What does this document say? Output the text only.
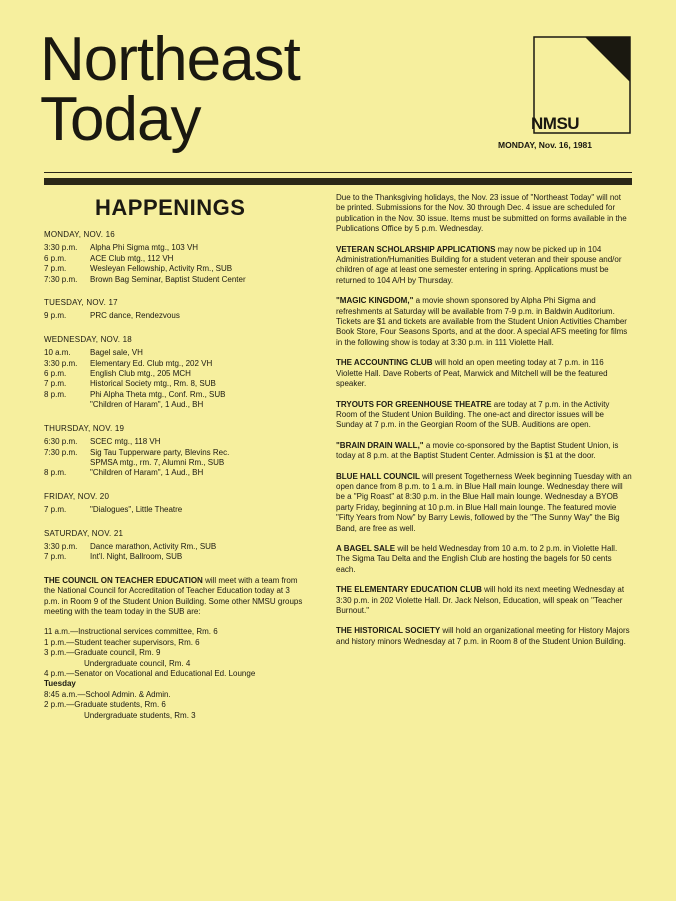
Northeast
Today	NMSU
MONDAY, Nov. 16, 1981
HAPPENINGS
MONDAY, NOV. 16
3:30 p.m.	Alpha Phi Sigma mtg., 103 VH
6 p.m.	ACE Club mtg., 112 VH
7 p.m.	Wesleyan Fellowship, Activity Rm., SUB
7:30 p.m.	Brown Bag Seminar, Baptist Student Center
TUESDAY, NOV. 17
9 p.m.	PRC dance, Rendezvous
WEDNESDAY, NOV. 18
10 a.m.	Bagel sale, VH
3:30 p.m.	Elementary Ed. Club mtg., 202 VH
6 p.m.	English Club mtg., 205 MCH
7 p.m.	Historical Society mtg., Rm. 8, SUB
8 p.m.	Phi Alpha Theta mtg., Conf. Rm., SUB
"Children of Haram", 1 Aud., BH
THURSDAY, NOV. 19
6:30 p.m.	SCEC mtg., 118 VH
7:30 p.m.	Sig Tau Tupperware party, Blevins Rec.
SPMSA mtg., rm. 7, Alumni Rm., SUB
8 p.m.	"Children of Haram", 1 Aud., BH
FRIDAY, NOV. 20
7 p.m.	"Dialogues", Little Theatre
SATURDAY, NOV. 21
3:30 p.m.	Dance marathon, Activity Rm., SUB
7 p.m.	Int'l. Night, Ballroom, SUB
THE COUNCIL ON TEACHER EDUCATION will meet with a team from the National Council for Accreditation of Teacher Education today at 3 p.m. in Room 9 of the Student Union Building. Some other NMSU groups meeting with the team today in the SUB are:
11 a.m.—Instructional services committee, Rm. 6
1 p.m.—Student teacher supervisors, Rm. 6
3 p.m.—Graduate council, Rm. 9
Undergraduate council, Rm. 4
4 p.m.—Senator on Vocational and Educational Ed. Lounge
Tuesday
8:45 a.m.—School Admin. & Admin.
2 p.m.—Graduate students, Rm. 6
Undergraduate students, Rm. 3
Due to the Thanksgiving holidays, the Nov. 23 issue of "Northeast Today" will not be printed. Submissions for the Nov. 30 through Dec. 4 issue are scheduled for publication in the Nov. 30 issue. Items must be submitted on forms available in the Publications Office by 5 p.m. Wednesday.
VETERAN SCHOLARSHIP APPLICATIONS may now be picked up in 104 Administration/Humanities Building for a student veteran and their spouse and/or children of age at least one semester entering in spring. Applications must be returned to 104 A/H by Thursday.
"MAGIC KINGDOM," a movie shown sponsored by Alpha Phi Sigma and refreshments at Saturday will be available from 7-9 p.m. in Baldwin Auditorium. Tickets are $1 and tickets are available from the Student Union Activities Chamber Book Store, Four Seasons Sports, and at the door. A special AFS meeting for films in the following show is today at 3:30 p.m. in 111 Violette Hall.
THE ACCOUNTING CLUB will hold an open meeting today at 7 p.m. in 116 Violette Hall. Dave Roberts of Peat, Marwick and Mitchell will be the featured speaker.
TRYOUTS FOR GREENHOUSE THEATRE are today at 7 p.m. in the Activity Room of the Student Union Building. The one-act and director issues will be Sunday at 7 p.m. in the Georgian Room of the SUB. Auditions are open.
"BRAIN DRAIN WALL," a movie co-sponsored by the Baptist Student Union, is today at 8 p.m. at the Baptist Student Center. Admission is $1 at the door.
BLUE HALL COUNCIL will present Togetherness Week beginning Tuesday with an open dance from 8 p.m. to 1 a.m. in Blue Hall main lounge. Wednesday there will be a "Pig Roast" at 8:30 p.m. in the Blue Hall main lounge. Wednesday a BYOB party Friday, beginning at 10 p.m. in Blue Hall main lounge. The featured movie "Fifty Years from Now" by Barry Lewis, followed by the "The Sunny Way" the Big Band, are free as well.
A BAGEL SALE will be held Wednesday from 10 a.m. to 2 p.m. in Violette Hall. The Sigma Tau Delta and the English Club are hosting the bagels for 50 cents each.
THE ELEMENTARY EDUCATION CLUB will hold its next meeting Wednesday at 3:30 p.m. in 202 Violette Hall. Dr. Jack Nelson, Education, will speak on "Teacher Burnout."
THE HISTORICAL SOCIETY will hold an organizational meeting for History Majors and history minors Wednesday at 7 p.m. in Room 8 of the Student Union Building.
